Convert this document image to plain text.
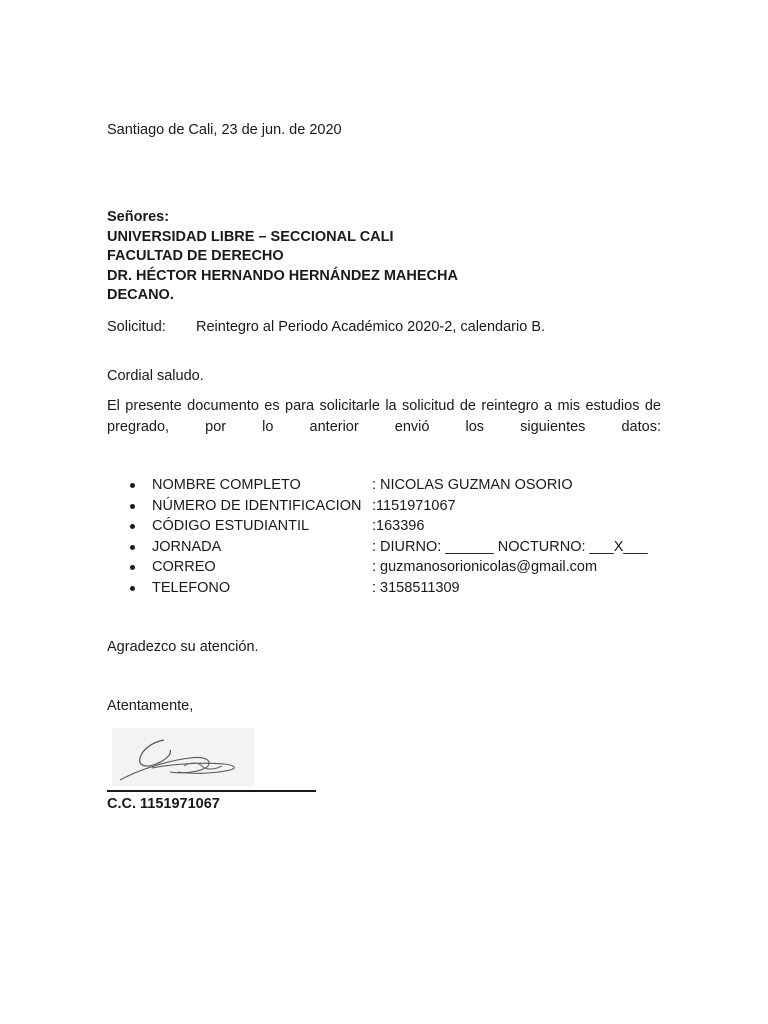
Santiago de Cali, 23 de jun. de 2020
Señores:
UNIVERSIDAD LIBRE – SECCIONAL CALI
FACULTAD DE DERECHO
DR. HÉCTOR HERNANDO HERNÁNDEZ MAHECHA
DECANO.
Solicitud: Reintegro al Periodo Académico 2020-2, calendario B.
Cordial saludo.
El presente documento es para solicitarle la solicitud de reintegro a mis estudios de pregrado, por lo anterior envió los siguientes datos:
NOMBRE COMPLETO	: NICOLAS GUZMAN OSORIO
NÚMERO DE IDENTIFICACION :1151971067
CÓDIGO ESTUDIANTIL	:163396
JORNADA	: DIURNO: ______ NOCTURNO: ___X___
CORREO	: guzmanosorionicolas@gmail.com
TELEFONO	: 3158511309
Agradezco su atención.
Atentamente,
C.C. 1151971067
